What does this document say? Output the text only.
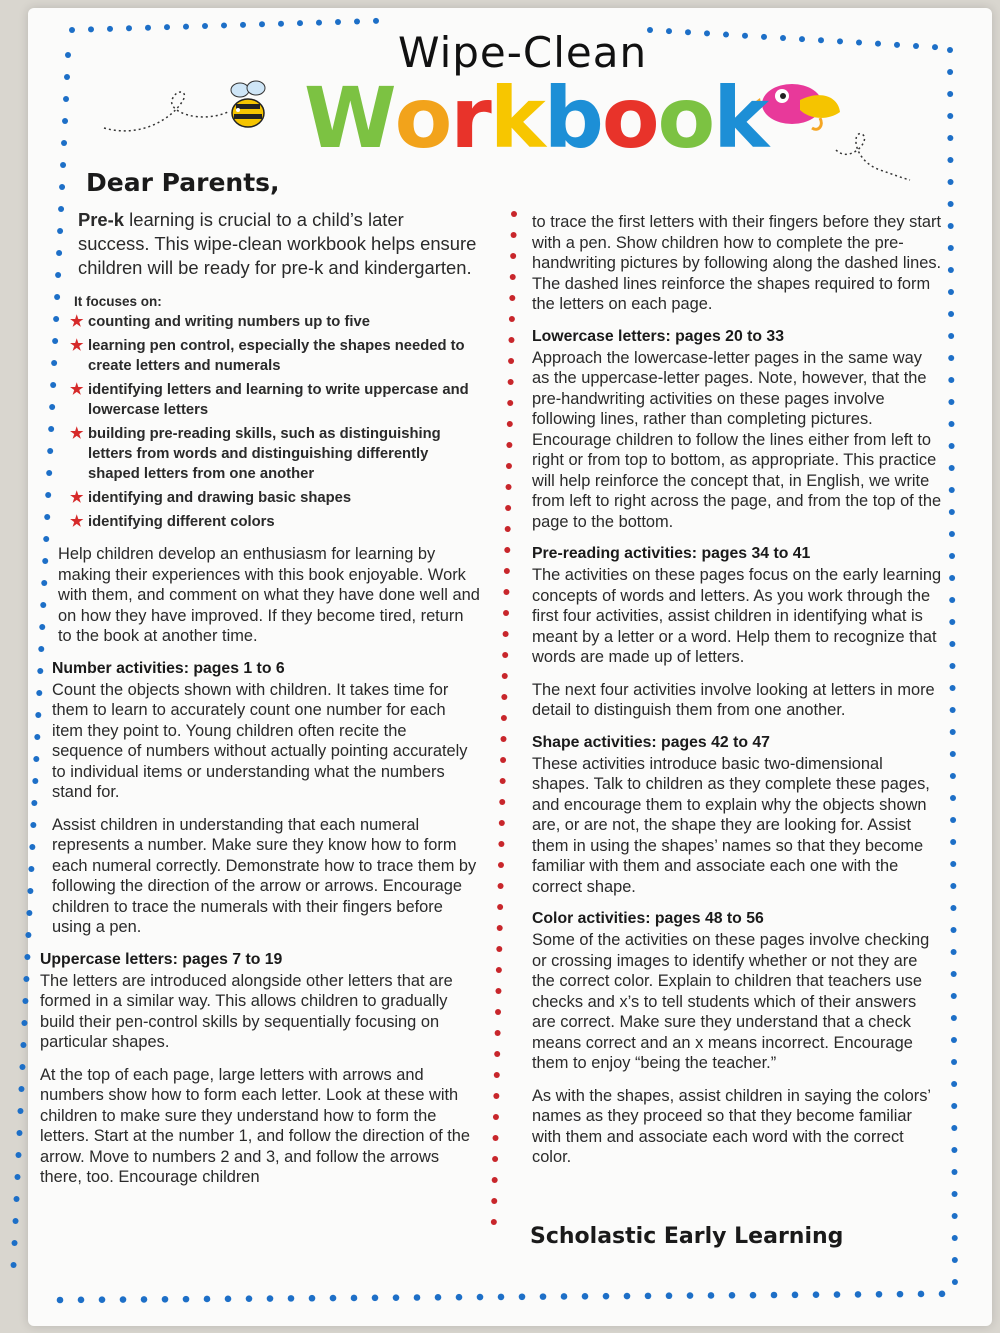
Wipe-Clean
Workbook
Dear Parents,

Pre-k learning is crucial to a child’s later success. This wipe-clean workbook helps ensure children will be ready for pre-k and kindergarten.

It focuses on:
★ counting and writing numbers up to five
★ learning pen control, especially the shapes needed to create letters and numerals
★ identifying letters and learning to write uppercase and lowercase letters
★ building pre-reading skills, such as distinguishing letters from words and distinguishing differently shaped letters from one another
★ identifying and drawing basic shapes
★ identifying different colors

Help children develop an enthusiasm for learning by making their experiences with this book enjoyable. Work with them, and comment on what they have done well and on how they have improved. If they become tired, return to the book at another time.

Number activities: pages 1 to 6

Count the objects shown with children. It takes time for them to learn to accurately count one number for each item they point to. Young children often recite the sequence of numbers without actually pointing accurately to individual items or understanding what the numbers stand for.

Assist children in understanding that each numeral represents a number. Make sure they know how to form each numeral correctly. Demonstrate how to trace them by following the direction of the arrow or arrows. Encourage children to trace the numerals with their fingers before using a pen.

Uppercase letters: pages 7 to 19

The letters are introduced alongside other letters that are formed in a similar way. This allows children to gradually build their pen-control skills by sequentially focusing on particular shapes.

At the top of each page, large letters with arrows and numbers show how to form each letter. Look at these with children to make sure they understand how to form the letters. Start at the number 1, and follow the direction of the arrow. Move to numbers 2 and 3, and follow the arrows there, too. Encourage children

to trace the first letters with their fingers before they start with a pen. Show children how to complete the pre-handwriting pictures by following along the dashed lines. The dashed lines reinforce the shapes required to form the letters on each page.

Lowercase letters: pages 20 to 33

Approach the lowercase-letter pages in the same way as the uppercase-letter pages. Note, however, that the pre-handwriting activities on these pages involve following lines, rather than completing pictures. Encourage children to follow the lines either from left to right or from top to bottom, as appropriate. This practice will help reinforce the concept that, in English, we write from left to right across the page, and from the top of the page to the bottom.

Pre-reading activities: pages 34 to 41

The activities on these pages focus on the early learning concepts of words and letters. As you work through the first four activities, assist children in identifying what is meant by a letter or a word. Help them to recognize that words are made up of letters.

The next four activities involve looking at letters in more detail to distinguish them from one another.

Shape activities: pages 42 to 47

These activities introduce basic two-dimensional shapes. Talk to children as they complete these pages, and encourage them to explain why the objects shown are, or are not, the shape they are looking for. Assist them in using the shapes’ names so that they become familiar with them and associate each one with the correct shape.

Color activities: pages 48 to 56

Some of the activities on these pages involve checking or crossing images to identify whether or not they are the correct color. Explain to children that teachers use checks and x’s to tell students which of their answers are correct. Make sure they understand that a check means correct and an x means incorrect. Encourage them to enjoy “being the teacher.”

As with the shapes, assist children in saying the colors’ names as they proceed so that they become familiar with them and associate each word with the correct color.

Scholastic Early Learning
